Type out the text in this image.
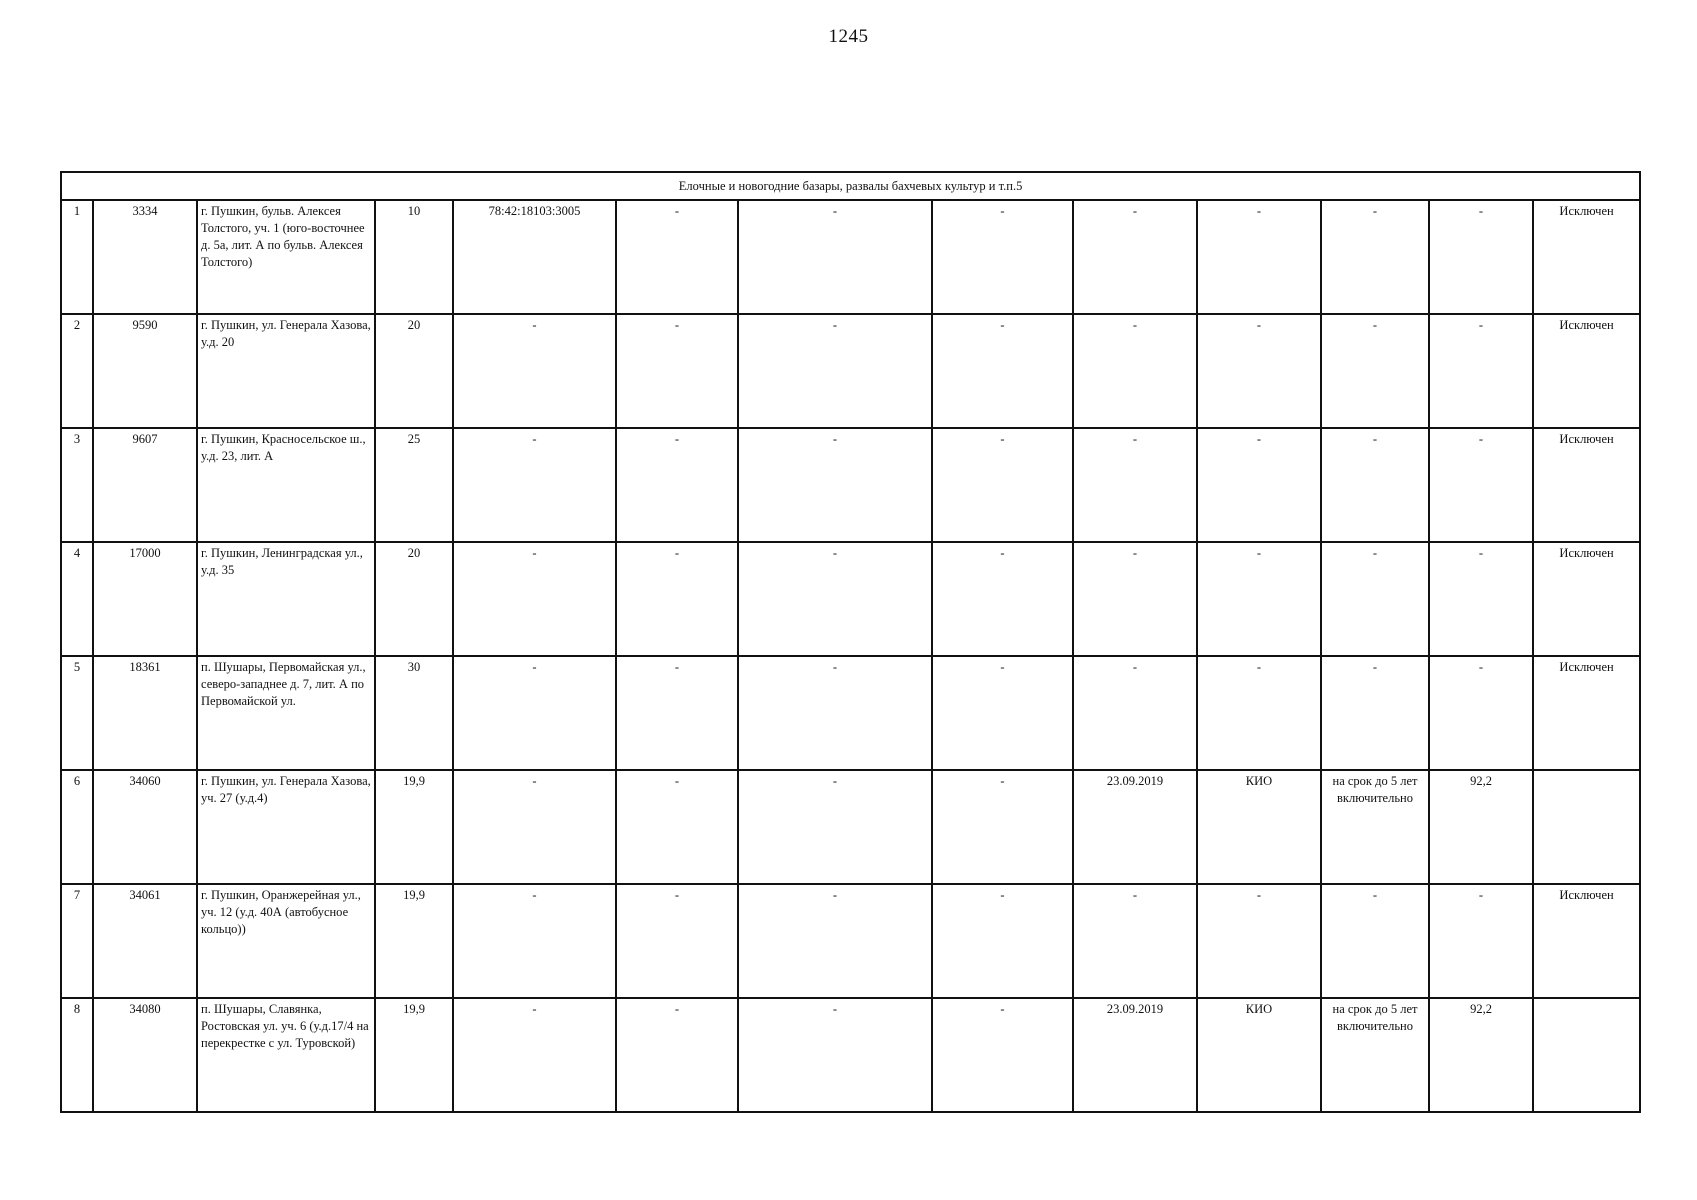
1245
Елочные и новогодние базары, развалы бахчевых культур и т.п.5												
1	3334	г. Пушкин, бульв. Алексея Толстого, уч. 1 (юго-восточнее д. 5а, лит. А по бульв. Алексея Толстого)	10	78:42:18103:3005	-	-	-	-	-	-	-	Исключен
2	9590	г. Пушкин, ул. Генерала Хазова, у.д. 20	20	-	-	-	-	-	-	-	-	Исключен
3	9607	г. Пушкин, Красносельское ш., у.д. 23, лит. А	25	-	-	-	-	-	-	-	-	Исключен
4	17000	г. Пушкин, Ленинградская ул., у.д. 35	20	-	-	-	-	-	-	-	-	Исключен
5	18361	п. Шушары, Первомайская ул., северо-западнее д. 7, лит. А по Первомайской ул.	30	-	-	-	-	-	-	-	-	Исключен
6	34060	г. Пушкин, ул. Генерала Хазова, уч. 27 (у.д.4)	19,9	-	-	-	-	23.09.2019	КИО	на срок до 5 лет включительно	92,2	
7	34061	г. Пушкин, Оранжерейная ул., уч. 12 (у.д. 40А (автобусное кольцо))	19,9	-	-	-	-	-	-	-	-	Исключен
8	34080	п. Шушары, Славянка, Ростовская ул. уч. 6 (у.д.17/4 на перекрестке с ул. Туровской)	19,9	-	-	-	-	23.09.2019	КИО	на срок до 5 лет включительно	92,2	
